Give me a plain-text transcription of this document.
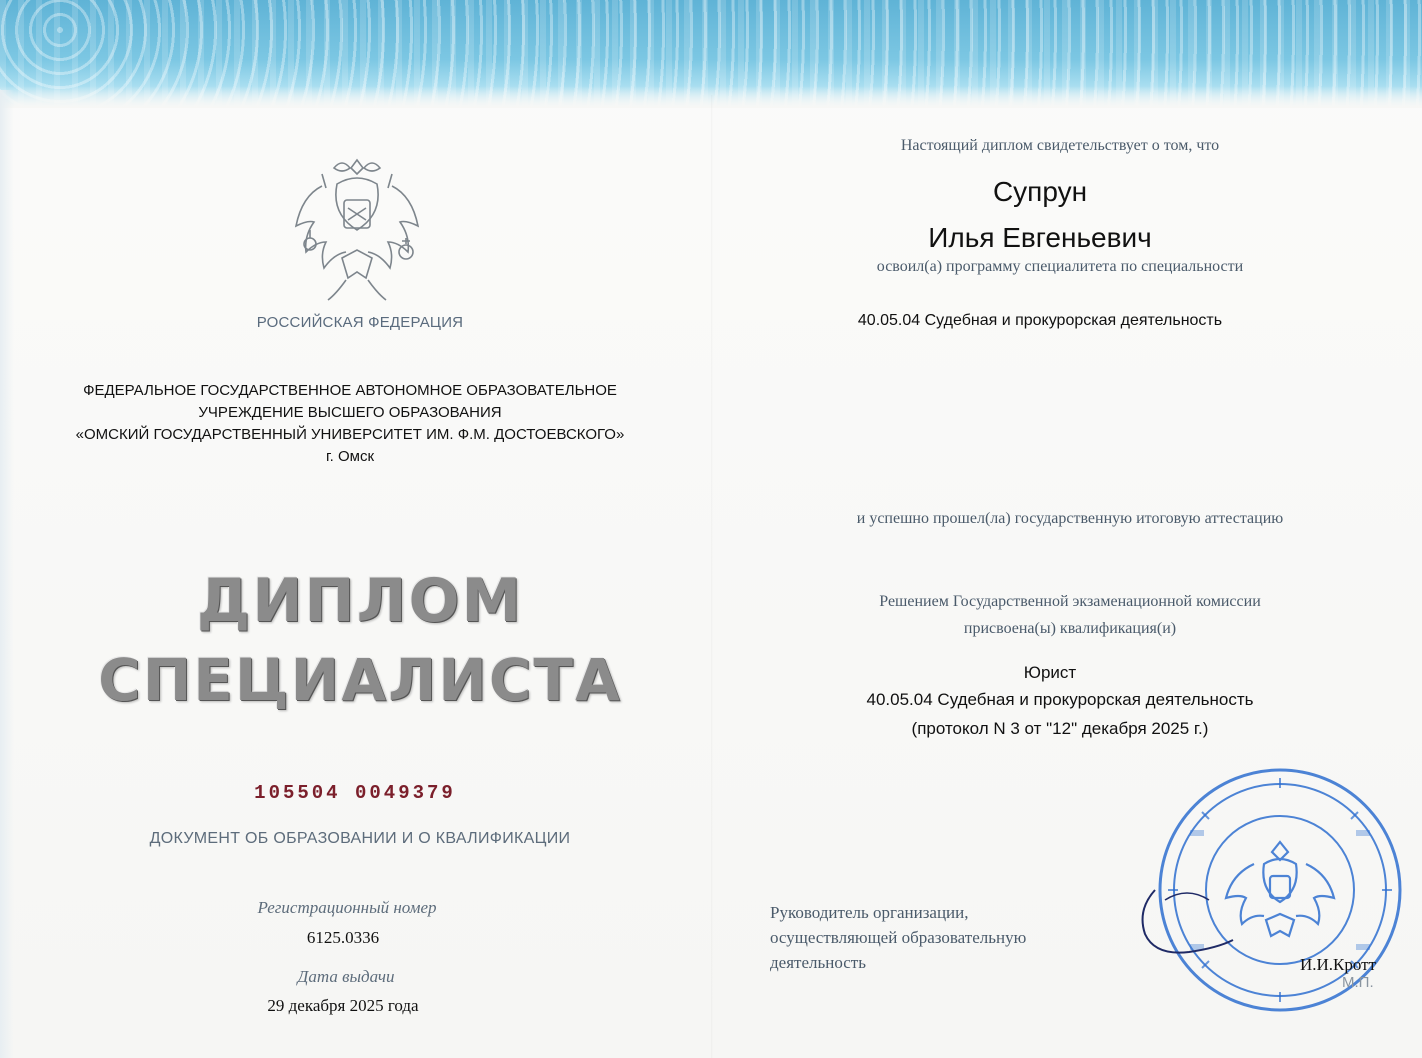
РОССИЙСКАЯ ФЕДЕРАЦИЯ
ФЕДЕРАЛЬНОЕ ГОСУДАРСТВЕННОЕ АВТОНОМНОЕ ОБРАЗОВАТЕЛЬНОЕ
УЧРЕЖДЕНИЕ ВЫСШЕГО ОБРАЗОВАНИЯ
«ОМСКИЙ ГОСУДАРСТВЕННЫЙ УНИВЕРСИТЕТ ИМ. Ф.М. ДОСТОЕВСКОГО»
г. Омск
ДИПЛОМ
СПЕЦИАЛИСТА
105504 0049379
ДОКУМЕНТ ОБ ОБРАЗОВАНИИ И О КВАЛИФИКАЦИИ
Регистрационный номер
6125.0336
Дата выдачи
29 декабря 2025 года
Настоящий диплом свидетельствует о том, что
Супрун
Илья Евгеньевич
освоил(а) программу специалитета по специальности
40.05.04 Судебная и прокурорская деятельность
и успешно прошел(ла) государственную итоговую аттестацию
Решением Государственной экзаменационной комиссии
присвоена(ы) квалификация(и)
Юрист
40.05.04 Судебная и прокурорская деятельность
(протокол N 3 от "12" декабря 2025 г.)
Руководитель организации,
осуществляющей образовательную
деятельность	И.И.Кротт
М.П.
